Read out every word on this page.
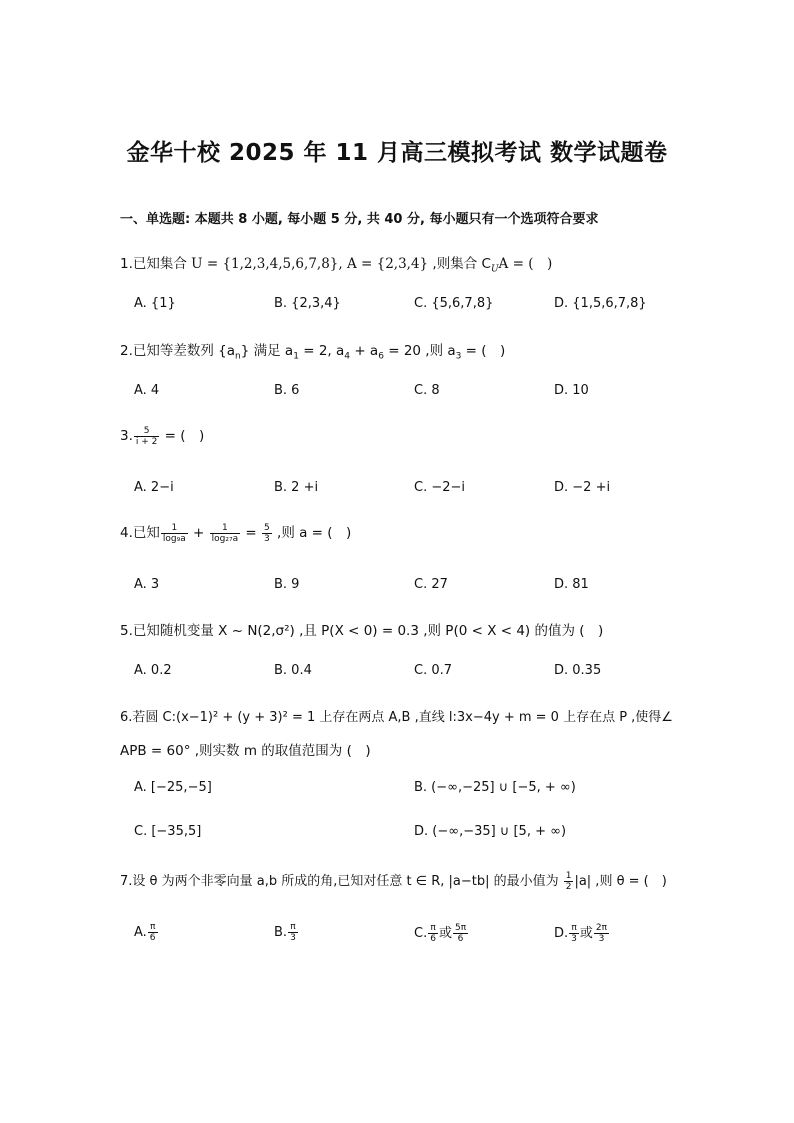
金华十校 2025 年 11 月高三模拟考试 数学试题卷
一、单选题: 本题共 8 小题, 每小题 5 分, 共 40 分, 每小题只有一个选项符合要求
1.已知集合 U = {1,2,3,4,5,6,7,8}, A = {2,3,4} ,则集合 $C_UA$ = (　)
A. {1}	B. {2,3,4}	C. {5,6,7,8}	D. {1,5,6,7,8}
2.已知等差数列 $\{a_n\}$ 满足 $a_1 = 2$, $a_4 + a_6 = 20$ ,则 $a_3$ = (　)
A. 4	B. 6	C. 8	D. 10
3. $\frac{5}{i + 2}$ = (　)
A. 2−i	B. 2 +i	C. −2−i	D. −2 +i
4.已知 $\frac{1}{\text{log₉a}} + \frac{1}{\text{log₂₇a}} = \frac{5}{3}$ ,则 a = (　)
A. 3	B. 9	C. 27	D. 81
5.已知随机变量 X ~ N(2,σ²) ,且 P(X < 0) = 0.3 ,则 P(0 < X < 4) 的值为 (　)
A. 0.2	B. 0.4	C. 0.7	D. 0.35
6.若圆 C:(x−1)² + (y + 3)² = 1 上存在两点 A,B ,直线 l:3x−4y + m = 0 上存在点 P ,使得∠
APB = 60° ,则实数 m 的取值范围为 (　)
A. [−25,−5]	B. (−∞,−25] ∪ [−5, + ∞)
C. [−35,5]	D. (−∞,−35] ∪ [5, + ∞)
7.设 θ 为两个非零向量 a,b 所成的角,已知对任意 t ∈ R, |a−tb| 的最小值为 $\frac{1}{2} |a|$ ,则 θ = (　)
A. $\frac{\pi}{6}$	B. $\frac{\pi}{3}$	C. $\frac{\pi}{6}$ 或 $\frac{5\pi}{6}$	D. $\frac{\pi}{3}$ 或 $\frac{2\pi}{3}$
